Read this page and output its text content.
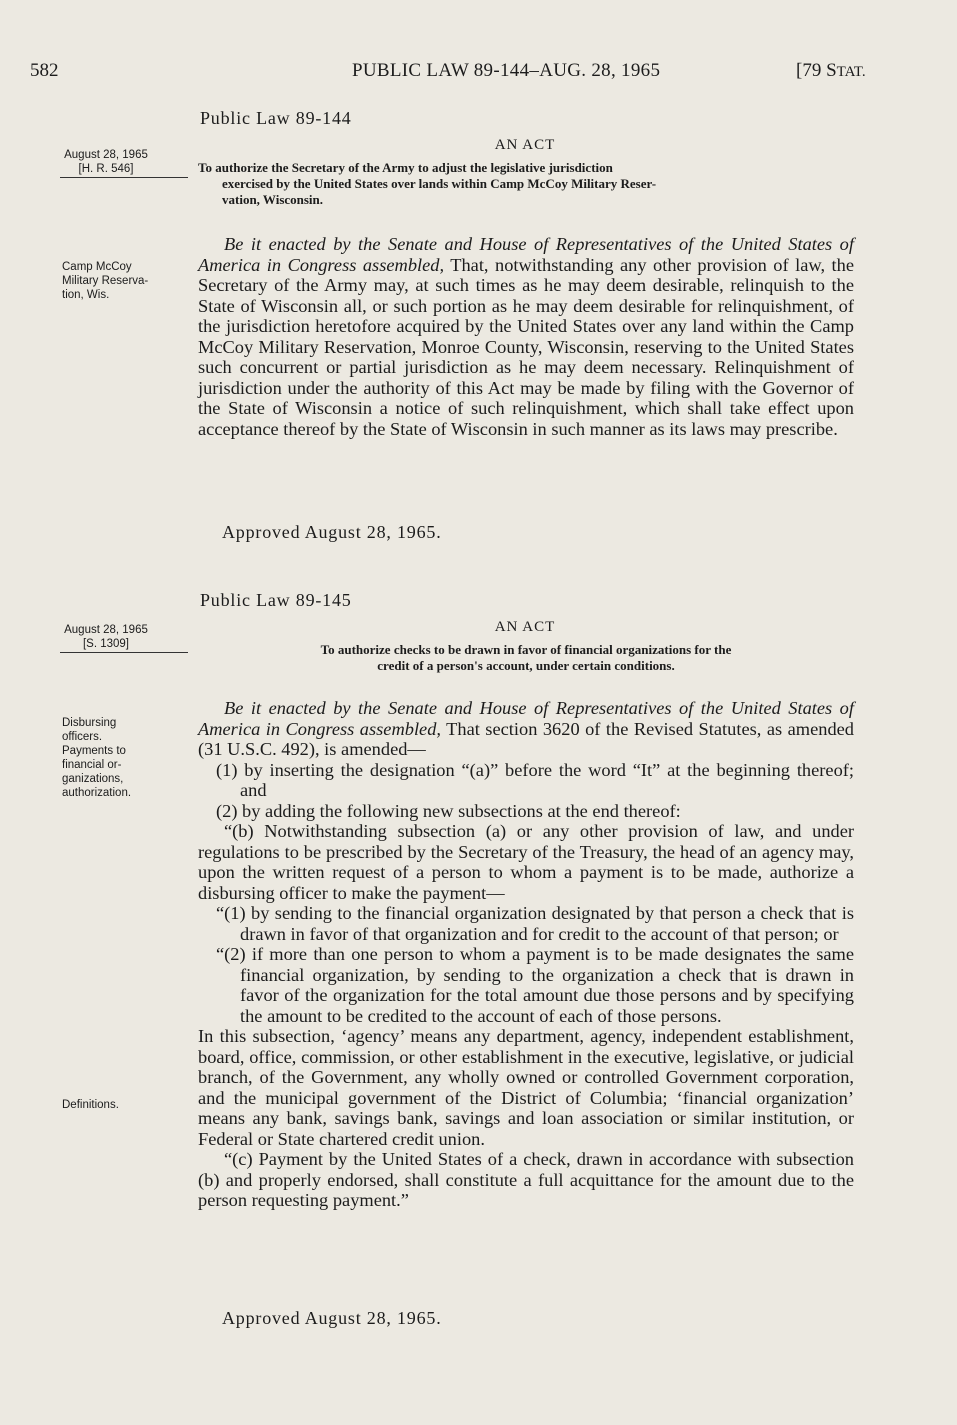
582	PUBLIC LAW 89-144–AUG. 28, 1965	[79 STAT.
Public Law 89-144
August 28, 1965
[H. R. 546]
AN ACT
To authorize the Secretary of the Army to adjust the legislative jurisdiction
exercised by the United States over lands within Camp McCoy Military Reser-
vation, Wisconsin.
Camp McCoy
Military Reserva-
tion, Wis.

Be it enacted by the Senate and House of Representatives of the United States of America in Congress assembled, That, notwithstanding any other provision of law, the Secretary of the Army may, at such times as he may deem desirable, relinquish to the State of Wisconsin all, or such portion as he may deem desirable for relinquishment, of the jurisdiction heretofore acquired by the United States over any land within the Camp McCoy Military Reservation, Monroe County, Wisconsin, reserving to the United States such concurrent or partial jurisdiction as he may deem necessary. Relinquishment of jurisdiction under the authority of this Act may be made by filing with the Governor of the State of Wisconsin a notice of such relinquishment, which shall take effect upon acceptance thereof by the State of Wisconsin in such manner as its laws may prescribe.

Approved August 28, 1965.
Public Law 89-145
August 28, 1965
[S. 1309]
AN ACT
To authorize checks to be drawn in favor of financial organizations for the
credit of a person's account, under certain conditions.
Disbursing
officers.
Payments to
financial or-
ganizations,
authorization.
Definitions.

Be it enacted by the Senate and House of Representatives of the United States of America in Congress assembled, That section 3620 of the Revised Statutes, as amended (31 U.S.C. 492), is amended—

(1) by inserting the designation “(a)” before the word “It” at the beginning thereof; and

(2) by adding the following new subsections at the end thereof:

“(b) Notwithstanding subsection (a) or any other provision of law, and under regulations to be prescribed by the Secretary of the Treasury, the head of an agency may, upon the written request of a person to whom a payment is to be made, authorize a disbursing officer to make the payment—

“(1) by sending to the financial organization designated by that person a check that is drawn in favor of that organization and for credit to the account of that person; or

“(2) if more than one person to whom a payment is to be made designates the same financial organization, by sending to the organization a check that is drawn in favor of the organization for the total amount due those persons and by specifying the amount to be credited to the account of each of those persons.

In this subsection, ‘agency’ means any department, agency, independent establishment, board, office, commission, or other establishment in the executive, legislative, or judicial branch, of the Government, any wholly owned or controlled Government corporation, and the municipal government of the District of Columbia; ‘financial organization’ means any bank, savings bank, savings and loan association or similar institution, or Federal or State chartered credit union.

“(c) Payment by the United States of a check, drawn in accordance with subsection (b) and properly endorsed, shall constitute a full acquittance for the amount due to the person requesting payment.”

Approved August 28, 1965.
